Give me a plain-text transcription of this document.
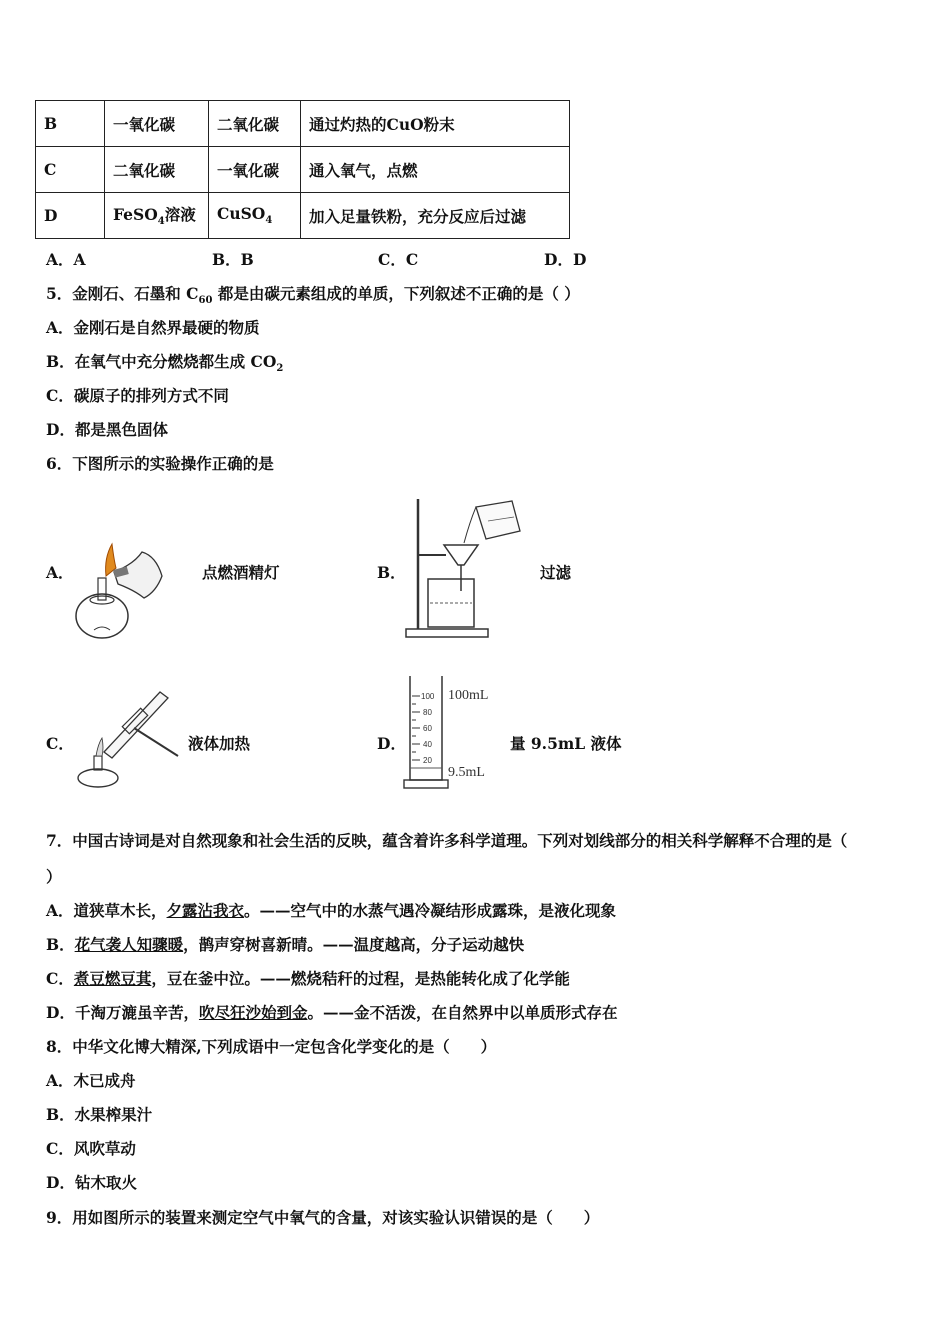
B	一氧化碳	二氧化碳	通过灼热的CuO粉末
C	二氧化碳	一氧化碳	通入氧气，点燃
D	FeSO$_4$溶液	CuSO$_4$	加入足量铁粉，充分反应后过滤
A．A	B．B	C．C	D．D
5．金刚石、石墨和 $C_{60}$ 都是由碳元素组成的单质，下列叙述不正确的是（ ）
A．金刚石是自然界最硬的物质
B．在氧气中充分燃烧都生成 $CO_2$
C．碳原子的排列方式不同
D．都是黑色固体
6．下图所示的实验操作正确的是
A．	点燃酒精灯	B．	过滤
C．	液体加热	D．
100
80
60
40
20
100mL
9.5mL
量 9.5mL 液体
7．中国古诗词是对自然现象和社会生活的反映，蕴含着许多科学道理。下列对划线部分的相关科学解释不合理的是（
）
A．道狭草木长，夕露沾我衣。——空气中的水蒸气遇冷凝结形成露珠，是液化现象
B．花气袭人知骤暖，鹊声穿树喜新晴。——温度越高，分子运动越快
C．煮豆燃豆萁，豆在釜中泣。——燃烧秸秆的过程，是热能转化成了化学能
D．千淘万漉虽辛苦，吹尽狂沙始到金。——金不活泼，在自然界中以单质形式存在
8．中华文化博大精深,下列成语中一定包含化学变化的是（　　）
A．木已成舟
B．水果榨果汁
C．风吹草动
D．钻木取火
9．用如图所示的装置来测定空气中氧气的含量，对该实验认识错误的是（　　）
